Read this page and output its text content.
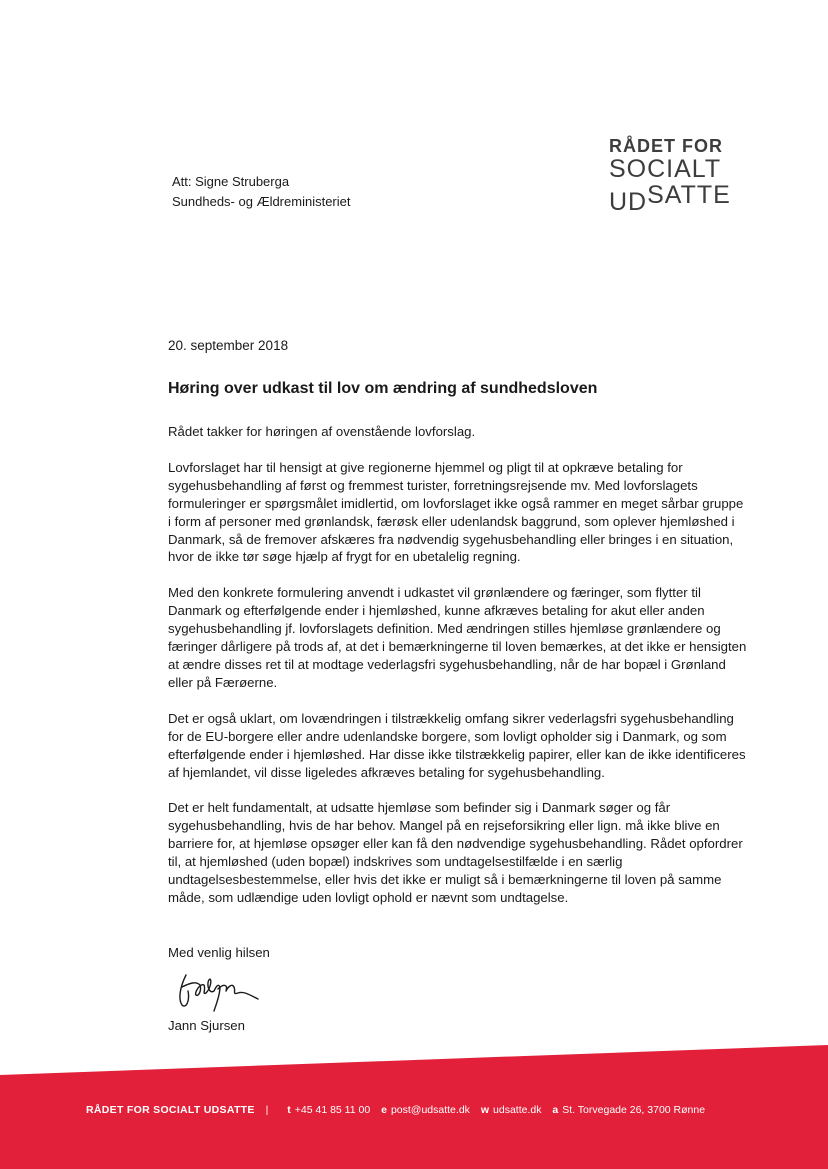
Att: Signe Struberga
Sundheds- og Ældreministeriet
RÅDET FOR
SOCIALT
UDSATTE
20. september 2018
Høring over udkast til lov om ændring af sundhedsloven

Rådet takker for høringen af ovenstående lovforslag.

Lovforslaget har til hensigt at give regionerne hjemmel og pligt til at opkræve betaling for sygehusbehandling af først og fremmest turister, forretningsrejsende mv. Med lovforslagets formuleringer er spørgsmålet imidlertid, om lovforslaget ikke også rammer en meget sårbar gruppe i form af personer med grønlandsk, færøsk eller udenlandsk baggrund, som oplever hjemløshed i Danmark, så de fremover afskæres fra nødvendig sygehusbehandling eller bringes i en situation, hvor de ikke tør søge hjælp af frygt for en ubetalelig regning.

Med den konkrete formulering anvendt i udkastet vil grønlændere og færinger, som flytter til Danmark og efterfølgende ender i hjemløshed, kunne afkræves betaling for akut eller anden sygehusbehandling jf. lovforslagets definition. Med ændringen stilles hjemløse grønlændere og færinger dårligere på trods af, at det i bemærkningerne til loven bemærkes, at det ikke er hensigten at ændre disses ret til at modtage vederlagsfri sygehusbehandling, når de har bopæl i Grønland eller på Færøerne.

Det er også uklart, om lovændringen i tilstrækkelig omfang sikrer vederlagsfri sygehusbehandling for de EU-borgere eller andre udenlandske borgere, som lovligt opholder sig i Danmark, og som efterfølgende ender i hjemløshed. Har disse ikke tilstrækkelig papirer, eller kan de ikke identificeres af hjemlandet, vil disse ligeledes afkræves betaling for sygehusbehandling.

Det er helt fundamentalt, at udsatte hjemløse som befinder sig i Danmark søger og får sygehusbehandling, hvis de har behov. Mangel på en rejseforsikring eller lign. må ikke blive en barriere for, at hjemløse opsøger eller kan få den nødvendige sygehusbehandling. Rådet opfordrer til, at hjemløshed (uden bopæl) indskrives som undtagelsestilfælde i en særlig undtagelsesbestemmelse, eller hvis det ikke er muligt så i bemærkningerne til loven på samme måde, som udlændige uden lovligt ophold er nævnt som undtagelse.

Med venlig hilsen
Jann Sjursen
RÅDET FOR SOCIALT UDSATTE | t +45 41 85 11 00 e post@udsatte.dk w udsatte.dk a St. Torvegade 26, 3700 Rønne
